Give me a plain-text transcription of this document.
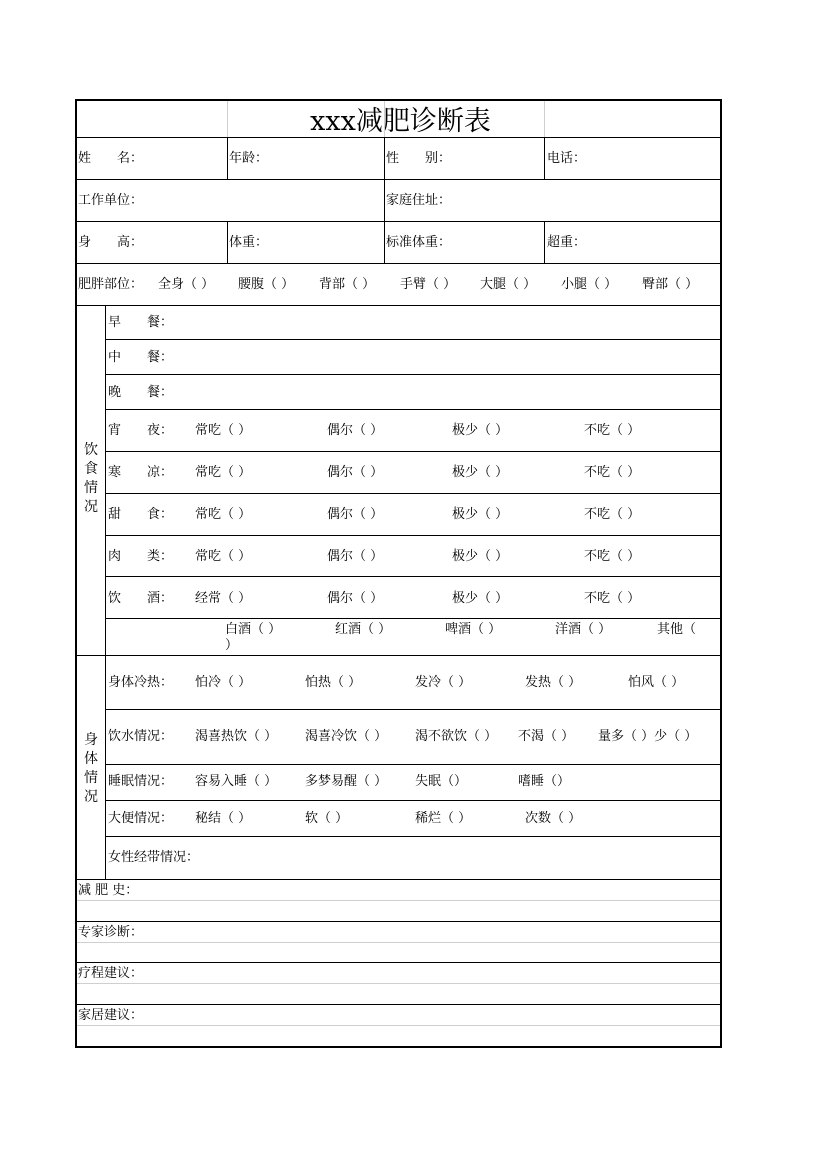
xxx减肥诊断表
姓　　名：	年龄：	性　　别：	电话：
工作单位：	家庭住址：
身　　高：	体重：	标准体重：	超重：
肥胖部位： 全身（ ） 腰腹（ ） 背部（ ） 手臂（ ） 大腿（ ） 小腿（ ） 臀部（ ）
饮食情况
早　　餐：
中　　餐：
晚　　餐：
宵　　夜： 常吃（ ）	偶尔（ ）	极少（ ）	不吃（ ）
寒　　凉： 常吃（ ）	偶尔（ ）	极少（ ）	不吃（ ）
甜　　食： 常吃（ ）	偶尔（ ）	极少（ ）	不吃（ ）
肉　　类： 常吃（ ）	偶尔（ ）	极少（ ）	不吃（ ）
饮　　酒： 经常（ ）	偶尔（ ）	极少（ ）	不吃（ ）
白酒（ ）	红酒（ ）	啤酒（ ）	洋酒（ ）	其他（
）
身体情况
身体冷热： 怕冷（ ）	怕热（ ）	发冷（ ）	发热（ ）	怕风（ ）
饮水情况： 渴喜热饮（ ） 渴喜冷饮（ ） 渴不欲饮（ ） 不渴（ ） 量多（ ）少（ ）
睡眠情况： 容易入睡（ ） 多梦易醒（ ） 失眠（）	嗜睡（）
大便情况： 秘结（ ）	软（ ）	稀烂（ ）	次数（ ）
女性经带情况：
减 肥 史：
专家诊断：
疗程建议：
家居建议：
